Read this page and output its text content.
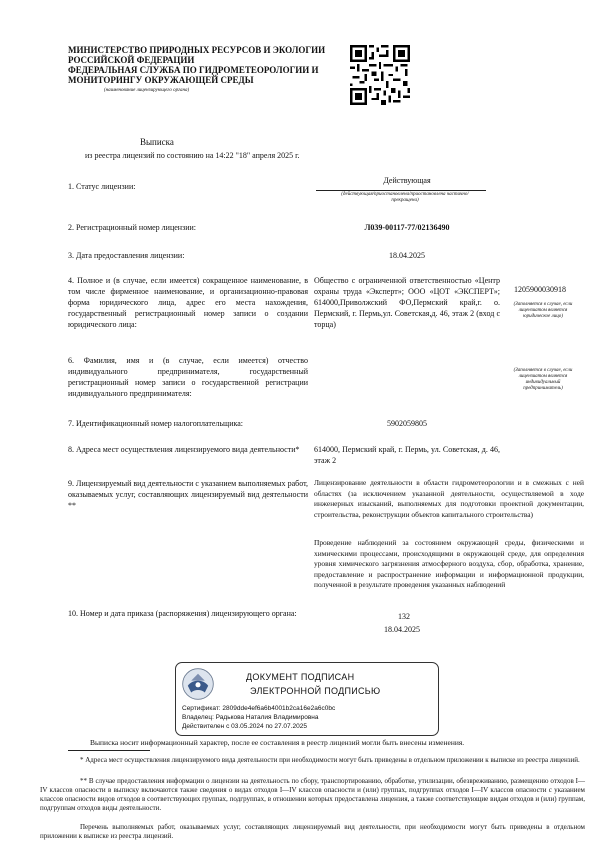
МИНИСТЕРСТВО ПРИРОДНЫХ РЕСУРСОВ И ЭКОЛОГИИ
РОССИЙСКОЙ ФЕДЕРАЦИИ
ФЕДЕРАЛЬНАЯ СЛУЖБА ПО ГИДРОМЕТЕОРОЛОГИИ И
МОНИТОРИНГУ ОКРУЖАЮЩЕЙ СРЕДЫ
(наименование лицензирующего органа)
Выписка
из реестра лицензий по состоянию на 14:22 "18" апреля 2025 г.
1. Статус лицензии:
Действующая
(действующая/приостановлена/приостановлена частично/прекращена)
2. Регистрационный номер лицензии:	Л039-00117-77/02136490
3. Дата предоставления лицензии:	18.04.2025
4. Полное и (в случае, если имеется) сокращенное наименование, в том числе фирменное наименование, и организационно-правовая форма юридического лица, адрес его места нахождения, государственный регистрационный номер записи о создании юридического лица:
Общество с ограниченной ответственностью «Центр охраны труда «Эксперт»; ООО «ЦОТ «ЭКСПЕРТ»; 614000,Приволжский ФО,Пермский край,г. о. Пермский, г. Пермь,ул. Советская,д. 46, этаж 2 (вход с торца)
1205900030918
(Заполняется в случае, если лицензиатом является юридическое лицо)
6. Фамилия, имя и (в случае, если имеется) отчество индивидуального предпринимателя, государственный регистрационный номер записи о государственной регистрации индивидуального предпринимателя:
(Заполняется в случае, если лицензиатом является индивидуальный предприниматель)
7. Идентификационный номер налогоплательщика:	5902059805
8. Адреса мест осуществления лицензируемого вида деятельности*	614000, Пермский край, г. Пермь, ул. Советская, д. 46, этаж 2
9. Лицензируемый вид деятельности с указанием выполняемых работ, оказываемых услуг, составляющих лицензируемый вид деятельности **
Лицензирование деятельности в области гидрометеорологии и в смежных с ней областях (за исключением указанной деятельности, осуществляемой в ходе инженерных изысканий, выполняемых для подготовки проектной документации, строительства, реконструкции объектов капитального строительства)
Проведение наблюдений за состоянием окружающей среды, физическими и химическими процессами, происходящими в окружающей среде, для определения уровня химического загрязнения атмосферного воздуха, сбор, обработка, хранение, предоставление и распространение информации и информационной продукции, полученной в результате проведения указанных наблюдений
10. Номер и дата приказа (распоряжения) лицензирующего органа:	132
18.04.2025
ДОКУМЕНТ ПОДПИСАН
ЭЛЕКТРОННОЙ ПОДПИСЬЮ
Сертификат: 2809dde4ef6a6b4001b2ca16e2a6c0bc
Владелец: Радькова Наталия Владимировна
Действителен с 03.05.2024 по 27.07.2025
Выписка носит информационный характер, после ее составления в реестр лицензий могли быть внесены изменения.
* Адреса мест осуществления лицензируемого вида деятельности при необходимости могут быть приведены в отдельном приложении к выписке из реестра лицензий.
** В случае предоставления информации о лицензии на деятельность по сбору, транспортированию, обработке, утилизации, обезвреживанию, размещению отходов I—IV классов опасности в выписку включаются также сведения о видах отходов I—IV классов опасности и (или) группах, подгруппах отходов I—IV классов опасности с указанием классов опасности видов отходов в соответствующих группах, подгруппах, в отношении которых предоставлена лицензия, а также соответствующие видам отходов и (или) группам, подгруппам отходов виды деятельности.
Перечень выполняемых работ, оказываемых услуг, составляющих лицензируемый вид деятельности, при необходимости могут быть приведены в отдельном приложении к выписке из реестра лицензий.
